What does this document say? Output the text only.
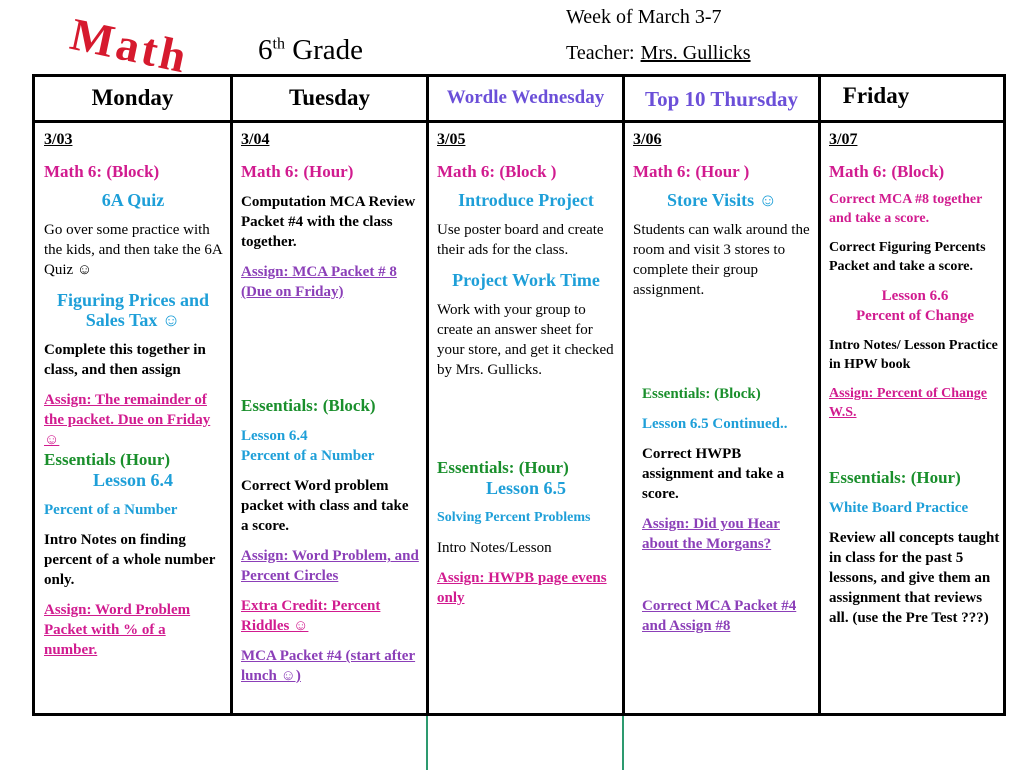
Math 6th Grade
Week of March 3-7
Teacher: Mrs. Gullicks
Monday	Tuesday	Wordle Wednesday	Top 10 Thursday	Friday
3/03
Math 6: (Block)
6A Quiz
Go over some practice with the kids, and then take the 6A Quiz ☺
Figuring Prices and Sales Tax ☺
Complete this together in class, and then assign
Assign: The remainder of the packet. Due on Friday ☺
Essentials (Hour)
Lesson 6.4
Percent of a Number
Intro Notes on finding percent of a whole number only.
Assign: Word Problem Packet with % of a number.
3/04
Math 6: (Hour)
Computation MCA Review Packet #4 with the class together.
Assign: MCA Packet # 8 (Due on Friday)
Essentials: (Block)
Lesson 6.4
Percent of a Number
Correct Word problem packet with class and take a score.
Assign: Word Problem, and Percent Circles
Extra Credit: Percent Riddles ☺
MCA Packet #4 (start after lunch ☺)
3/05
Math 6: (Block )
Introduce Project
Use poster board and create their ads for the class.
Project Work Time
Work with your group to create an answer sheet for your store, and get it checked by Mrs. Gullicks.
Essentials: (Hour)
Lesson 6.5
Solving Percent Problems
Intro Notes/Lesson
Assign: HWPB page evens only
3/06
Math 6: (Hour )
Store Visits ☺
Students can walk around the room and visit 3 stores to complete their group assignment.
Essentials: (Block)
Lesson 6.5 Continued..
Correct HWPB assignment and take a score.
Assign: Did you Hear about the Morgans?
Correct MCA Packet #4 and Assign #8
3/07
Math 6: (Block)
Correct MCA #8 together and take a score.
Correct Figuring Percents Packet and take a score.
Lesson 6.6
Percent of Change
Intro Notes/ Lesson Practice in HPW book
Assign: Percent of Change W.S.
Essentials: (Hour)
White Board Practice
Review all concepts taught in class for the past 5 lessons, and give them an assignment that reviews all. (use the Pre Test ???)
